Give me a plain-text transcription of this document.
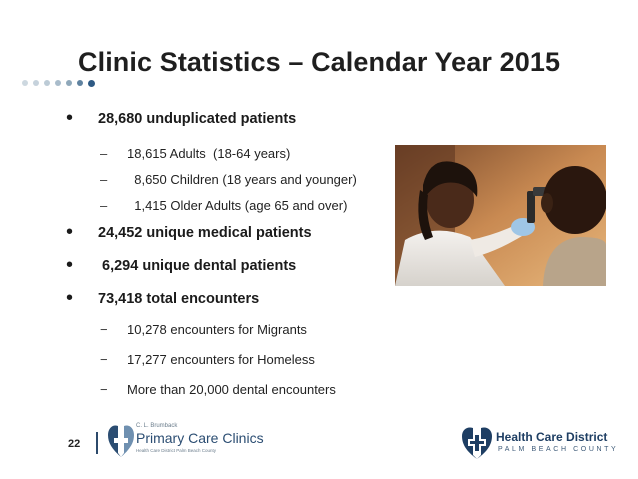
Clinic Statistics – Calendar Year 2015
• 28,680 unduplicated patients
– 18,615 Adults  (18-64 years)
– 8,650 Children (18 years and younger)
– 1,415 Older Adults (age 65 and over)
• 24,452 unique medical patients
• 6,294 unique dental patients
• 73,418 total encounters
− 10,278 encounters for Migrants
− 17,277 encounters for Homeless
− More than 20,000 dental encounters
22
C. L. Brumback
Primary Care Clinics
Health Care District Palm Beach County
Health Care District
PALM BEACH COUNTY
